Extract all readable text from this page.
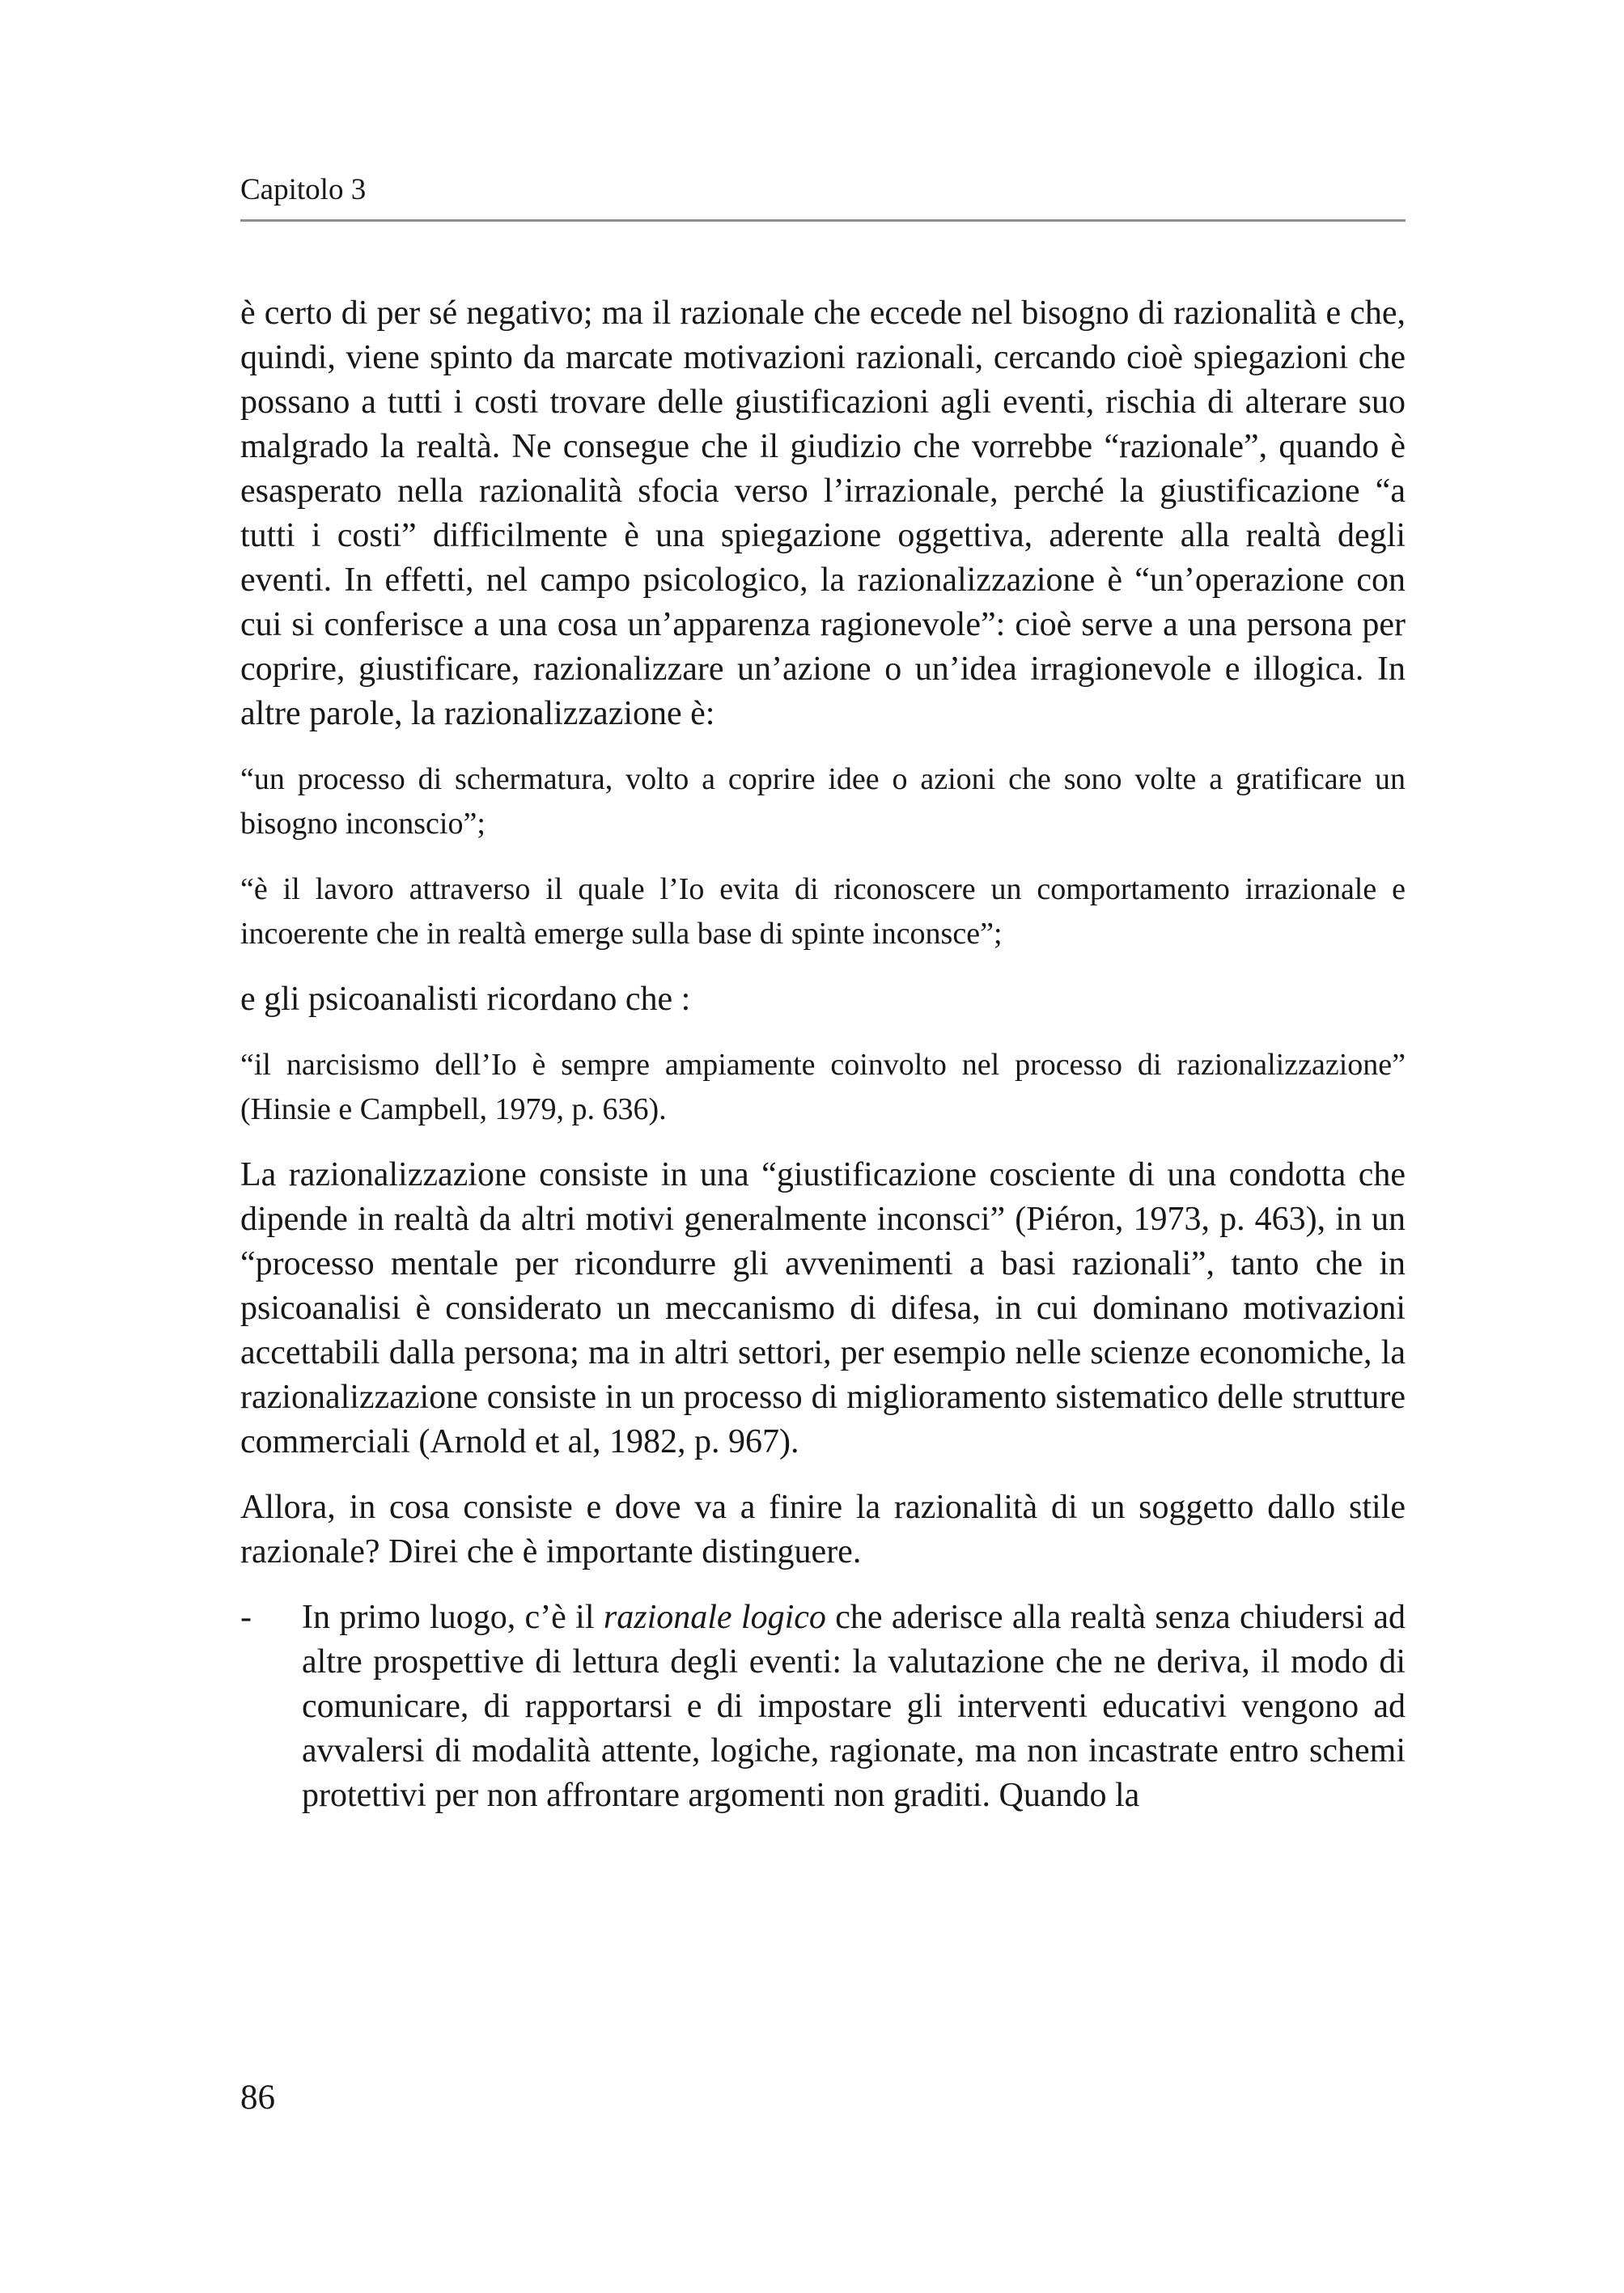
Capitolo 3

è certo di per sé negativo; ma il razionale che eccede nel bisogno di razionalità e che, quindi, viene spinto da marcate motivazioni razionali, cercando cioè spiegazioni che possano a tutti i costi trovare delle giustificazioni agli eventi, rischia di alterare suo malgrado la realtà. Ne consegue che il giudizio che vorrebbe “razionale”, quando è esasperato nella razionalità sfocia verso l’irrazionale, perché la giustificazione “a tutti i costi” difficilmente è una spiegazione oggettiva, aderente alla realtà degli eventi. In effetti, nel campo psicologico, la razionalizzazione è “un’operazione con cui si conferisce a una cosa un’apparenza ragionevole”: cioè serve a una persona per coprire, giustificare, razionalizzare un’azione o un’idea irragionevole e illogica. In altre parole, la razionalizzazione è:

“un processo di schermatura, volto a coprire idee o azioni che sono volte a gratificare un bisogno inconscio”;

“è il lavoro attraverso il quale l’Io evita di riconoscere un comportamento irrazionale e incoerente che in realtà emerge sulla base di spinte inconsce”;

e gli psicoanalisti ricordano che :

“il narcisismo dell’Io è sempre ampiamente coinvolto nel processo di razionalizzazione” (Hinsie e Campbell, 1979, p. 636).

La razionalizzazione consiste in una “giustificazione cosciente di una condotta che dipende in realtà da altri motivi generalmente inconsci” (Piéron, 1973, p. 463), in un “processo mentale per ricondurre gli avvenimenti a basi razionali”, tanto che in psicoanalisi è considerato un meccanismo di difesa, in cui dominano motivazioni accettabili dalla persona; ma in altri settori, per esempio nelle scienze economiche, la razionalizzazione consiste in un processo di miglioramento sistematico delle strutture commerciali (Arnold et al, 1982, p. 967).

Allora, in cosa consiste e dove va a finire la razionalità di un soggetto dallo stile razionale? Direi che è importante distinguere.

-	In primo luogo, c’è il razionale logico che aderisce alla realtà senza chiudersi ad altre prospettive di lettura degli eventi: la valutazione che ne deriva, il modo di comunicare, di rapportarsi e di impostare gli interventi educativi vengono ad avvalersi di modalità attente, logiche, ragionate, ma non incastrate entro schemi protettivi per non affrontare argomenti non graditi. Quando la
86
